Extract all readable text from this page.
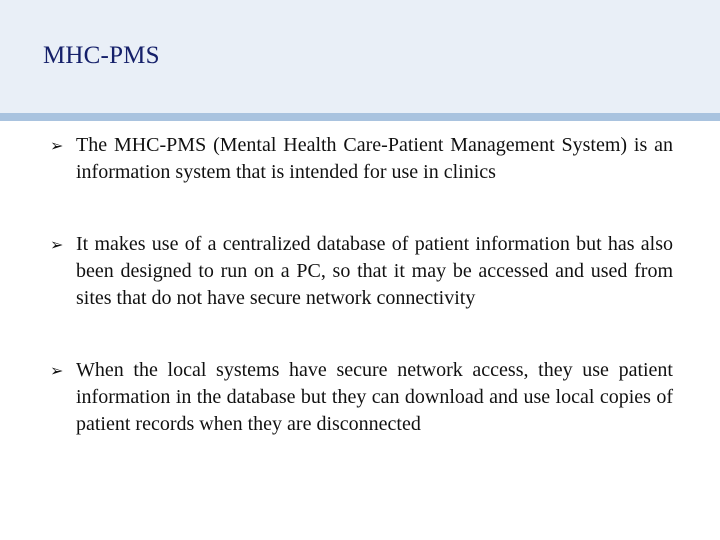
MHC-PMS
➢ The MHC-PMS (Mental Health Care-Patient Management System) is an information system that is intended for use in clinics
➢ It makes use of a centralized database of patient information but has also been designed to run on a PC, so that it may be accessed and used from sites that do not have secure network connectivity
➢ When the local systems have secure network access, they use patient information in the database but they can download and use local copies of patient records when they are disconnected
